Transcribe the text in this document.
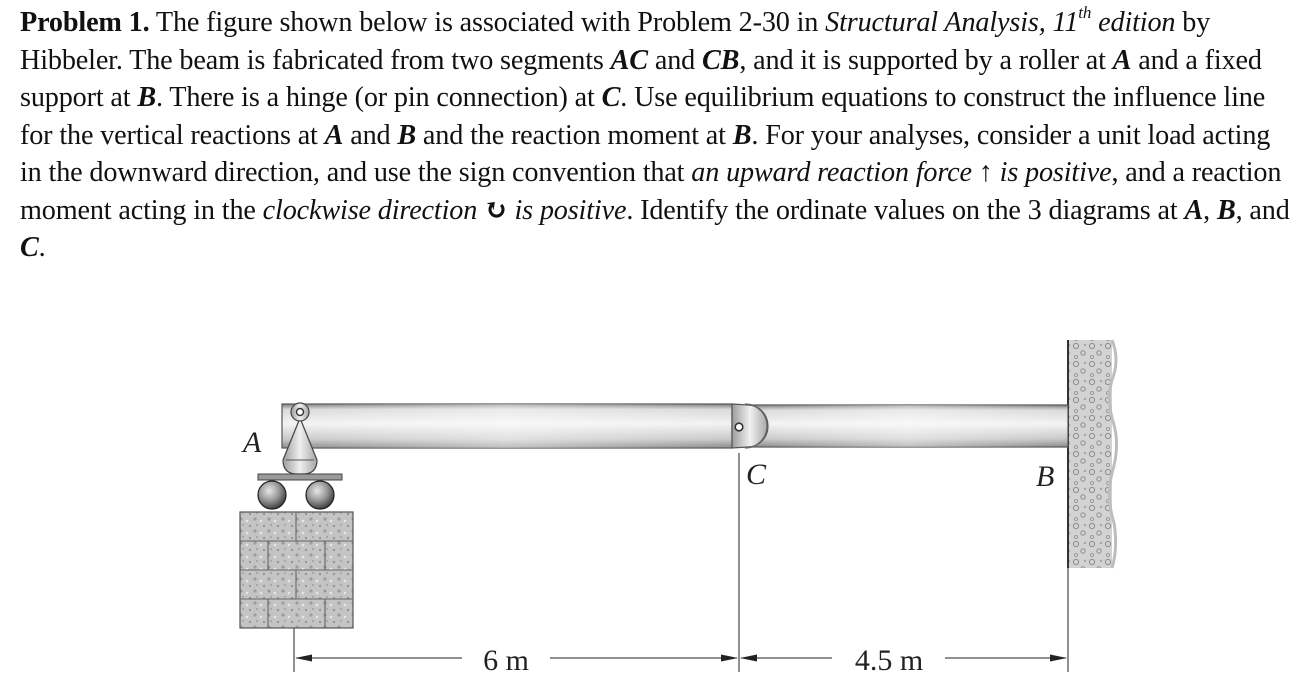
Problem 1. The figure shown below is associated with Problem 2-30 in Structural Analysis, 11th edition by Hibbeler. The beam is fabricated from two segments AC and CB, and it is supported by a roller at A and a fixed support at B. There is a hinge (or pin connection) at C. Use equilibrium equations to construct the influence line for the vertical reactions at A and B and the reaction moment at B. For your analyses, consider a unit load acting in the downward direction, and use the sign convention that an upward reaction force ↑ is positive, and a reaction moment acting in the clockwise direction ↻ is positive. Identify the ordinate values on the 3 diagrams at A, B, and C.

A
C	B
6 m	4.5 m
